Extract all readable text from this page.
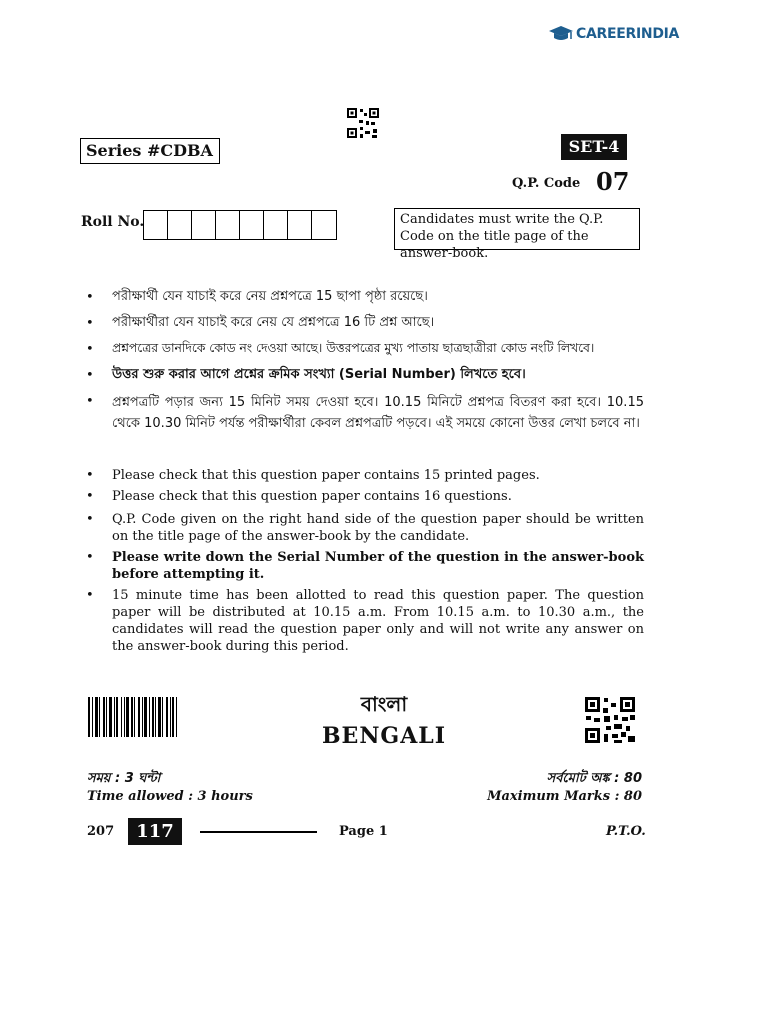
CAREERINDIA
Series #CDBA	SET-4
Q.P. Code 07
Roll No.	Candidates must write the Q.P. Code on the title page of the answer-book.
• পরীক্ষার্থী যেন যাচাই করে নেয় প্রশ্নপত্রে 15 ছাপা পৃষ্ঠা রয়েছে।
• পরীক্ষার্থীরা যেন যাচাই করে নেয় যে প্রশ্নপত্রে 16 টি প্রশ্ন আছে।
• প্রশ্নপত্রের ডানদিকে কোড নং দেওয়া আছে। উত্তরপত্রের মুখ্য পাতায় ছাত্রছাত্রীরা কোড নংটি লিখবে।
• উত্তর শুরু করার আগে প্রশ্নের ক্রমিক সংখ্যা (Serial Number) লিখতে হবে।
• প্রশ্নপত্রটি পড়ার জন্য 15 মিনিট সময় দেওয়া হবে। 10.15 মিনিটে প্রশ্নপত্র বিতরণ করা হবে। 10.15 থেকে 10.30 মিনিট পর্যন্ত পরীক্ষার্থীরা কেবল প্রশ্নপত্রটি পড়বে। এই সময়ে কোনো উত্তর লেখা চলবে না।
• Please check that this question paper contains 15 printed pages.
• Please check that this question paper contains 16 questions.
• Q.P. Code given on the right hand side of the question paper should be written on the title page of the answer-book by the candidate.
• Please write down the Serial Number of the question in the answer-book before attempting it.
• 15 minute time has been allotted to read this question paper. The question paper will be distributed at 10.15 a.m. From 10.15 a.m. to 10.30 a.m., the candidates will read the question paper only and will not write any answer on the answer-book during this period.
বাংলা
BENGALI
সময় : 3 ঘন্টা
Time allowed : 3 hours
সর্বমোট অঙ্ক : 80
Maximum Marks : 80
207	117	Page 1	P.T.O.
